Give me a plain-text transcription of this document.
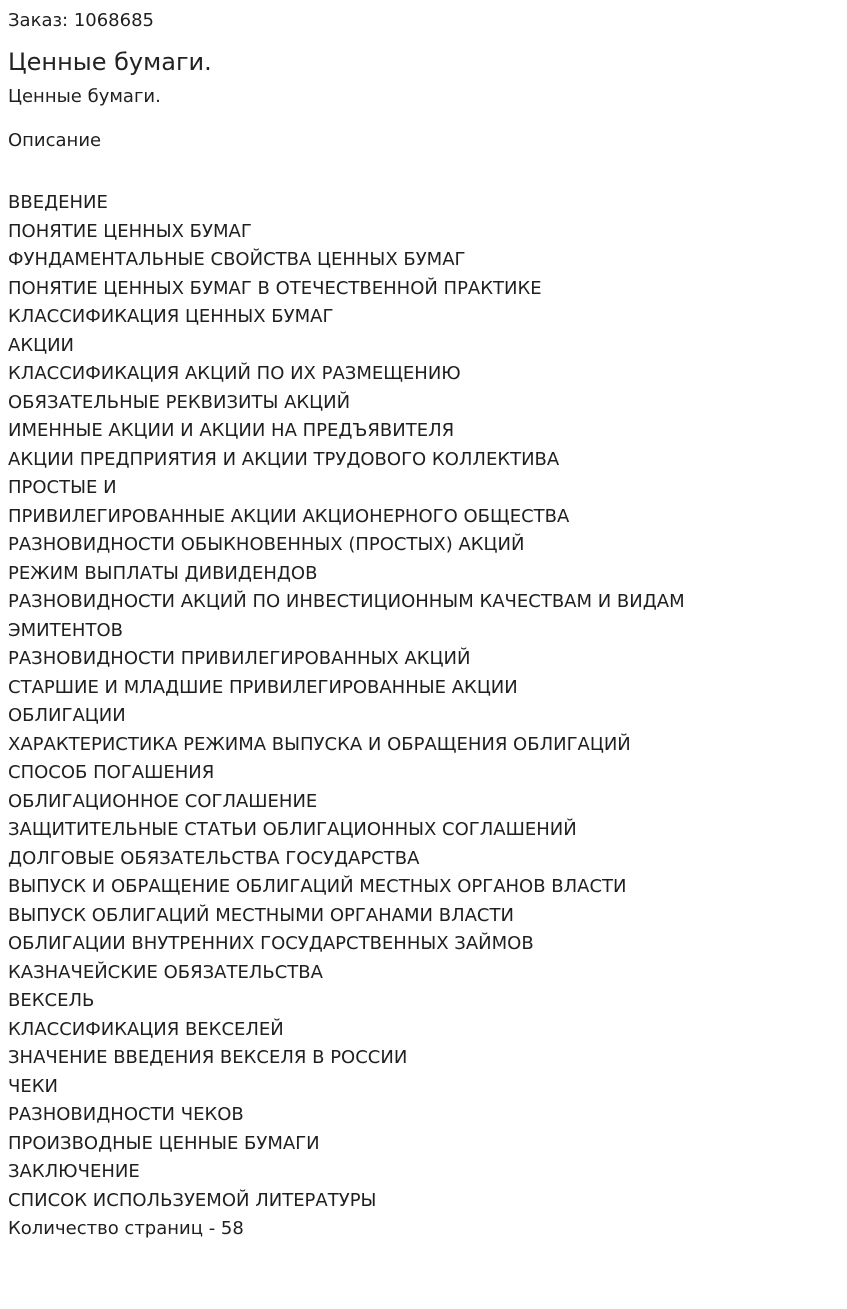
Заказ: 1068685

Ценные бумаги.

Ценные бумаги.

Описание

ВВЕДЕНИЕ
ПОНЯТИЕ ЦЕННЫХ БУМАГ
ФУНДАМЕНТАЛЬНЫЕ СВОЙСТВА ЦЕННЫХ БУМАГ
ПОНЯТИЕ ЦЕННЫХ БУМАГ В ОТЕЧЕСТВЕННОЙ ПРАКТИКЕ
КЛАССИФИКАЦИЯ ЦЕННЫХ БУМАГ
АКЦИИ
КЛАССИФИКАЦИЯ АКЦИЙ ПО ИХ РАЗМЕЩЕНИЮ
ОБЯЗАТЕЛЬНЫЕ РЕКВИЗИТЫ АКЦИЙ
ИМЕННЫЕ АКЦИИ И АКЦИИ НА ПРЕДЪЯВИТЕЛЯ
АКЦИИ ПРЕДПРИЯТИЯ И АКЦИИ ТРУДОВОГО КОЛЛЕКТИВА
ПРОСТЫЕ И
ПРИВИЛЕГИРОВАННЫЕ АКЦИИ АКЦИОНЕРНОГО ОБЩЕСТВА
РАЗНОВИДНОСТИ ОБЫКНОВЕННЫХ (ПРОСТЫХ) АКЦИЙ
РЕЖИМ ВЫПЛАТЫ ДИВИДЕНДОВ
РАЗНОВИДНОСТИ АКЦИЙ ПО ИНВЕСТИЦИОННЫМ КАЧЕСТВАМ И ВИДАМ ЭМИТЕНТОВ
РАЗНОВИДНОСТИ ПРИВИЛЕГИРОВАННЫХ АКЦИЙ
СТАРШИЕ И МЛАДШИЕ ПРИВИЛЕГИРОВАННЫЕ АКЦИИ
ОБЛИГАЦИИ
ХАРАКТЕРИСТИКА РЕЖИМА ВЫПУСКА И ОБРАЩЕНИЯ ОБЛИГАЦИЙ
СПОСОБ ПОГАШЕНИЯ
ОБЛИГАЦИОННОЕ СОГЛАШЕНИЕ
ЗАЩИТИТЕЛЬНЫЕ СТАТЬИ ОБЛИГАЦИОННЫХ СОГЛАШЕНИЙ
ДОЛГОВЫЕ ОБЯЗАТЕЛЬСТВА ГОСУДАРСТВА
ВЫПУСК И ОБРАЩЕНИЕ ОБЛИГАЦИЙ МЕСТНЫХ ОРГАНОВ ВЛАСТИ
ВЫПУСК ОБЛИГАЦИЙ МЕСТНЫМИ ОРГАНАМИ ВЛАСТИ
ОБЛИГАЦИИ ВНУТРЕННИХ ГОСУДАРСТВЕННЫХ ЗАЙМОВ
КАЗНАЧЕЙСКИЕ ОБЯЗАТЕЛЬСТВА
ВЕКСЕЛЬ
КЛАССИФИКАЦИЯ ВЕКСЕЛЕЙ
ЗНАЧЕНИЕ ВВЕДЕНИЯ ВЕКСЕЛЯ В РОССИИ
ЧЕКИ
РАЗНОВИДНОСТИ ЧЕКОВ
ПРОИЗВОДНЫЕ ЦЕННЫЕ БУМАГИ
ЗАКЛЮЧЕНИЕ
СПИСОК ИСПОЛЬЗУЕМОЙ ЛИТЕРАТУРЫ

Количество страниц - 58
